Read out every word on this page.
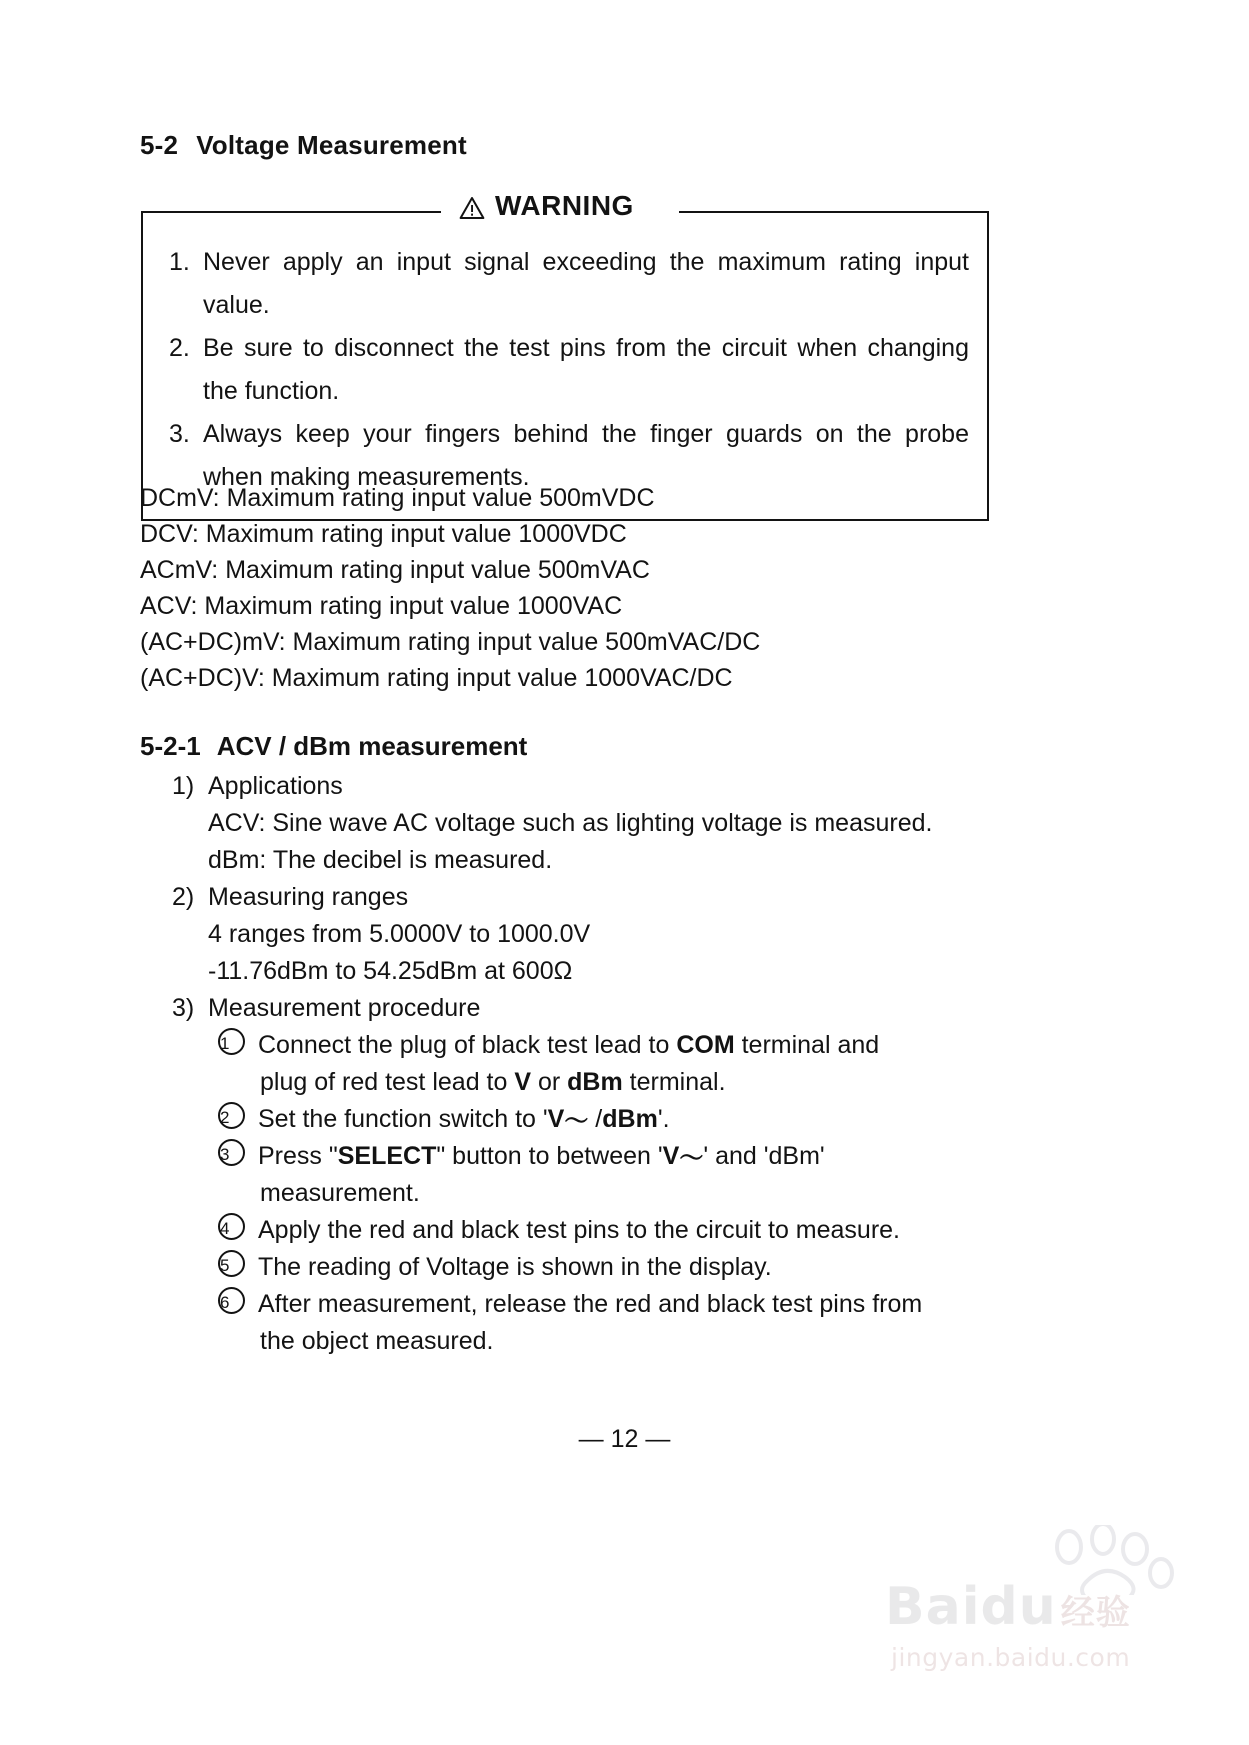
5-2 Voltage Measurement
WARNING
1. Never apply an input signal exceeding the maximum rating input value.
2. Be sure to disconnect the test pins from the circuit when changing the function.
3. Always keep your fingers behind the finger guards on the probe when making measurements.
DCmV: Maximum rating input value 500mVDC
DCV: Maximum rating input value 1000VDC
ACmV: Maximum rating input value 500mVAC
ACV: Maximum rating input value 1000VAC
(AC+DC)mV: Maximum rating input value 500mVAC/DC
(AC+DC)V: Maximum rating input value 1000VAC/DC
5-2-1 ACV / dBm measurement
1) Applications
ACV: Sine wave AC voltage such as lighting voltage is measured.
dBm: The decibel is measured.
2) Measuring ranges
4 ranges from 5.0000V to 1000.0V
-11.76dBm to 54.25dBm at 600Ω
3) Measurement procedure
1	Connect the plug of black test lead to COM terminal and
plug of red test lead to V or dBm terminal.
2	Set the function switch to 'V〜 /dBm'.
3	Press "SELECT" button to between 'V〜' and 'dBm'
measurement.
4	Apply the red and black test pins to the circuit to measure.
5	The reading of Voltage is shown in the display.
6	After measurement, release the red and black test pins from
the object measured.
— 12 —
Baidu 经验
jingyan.baidu.com
